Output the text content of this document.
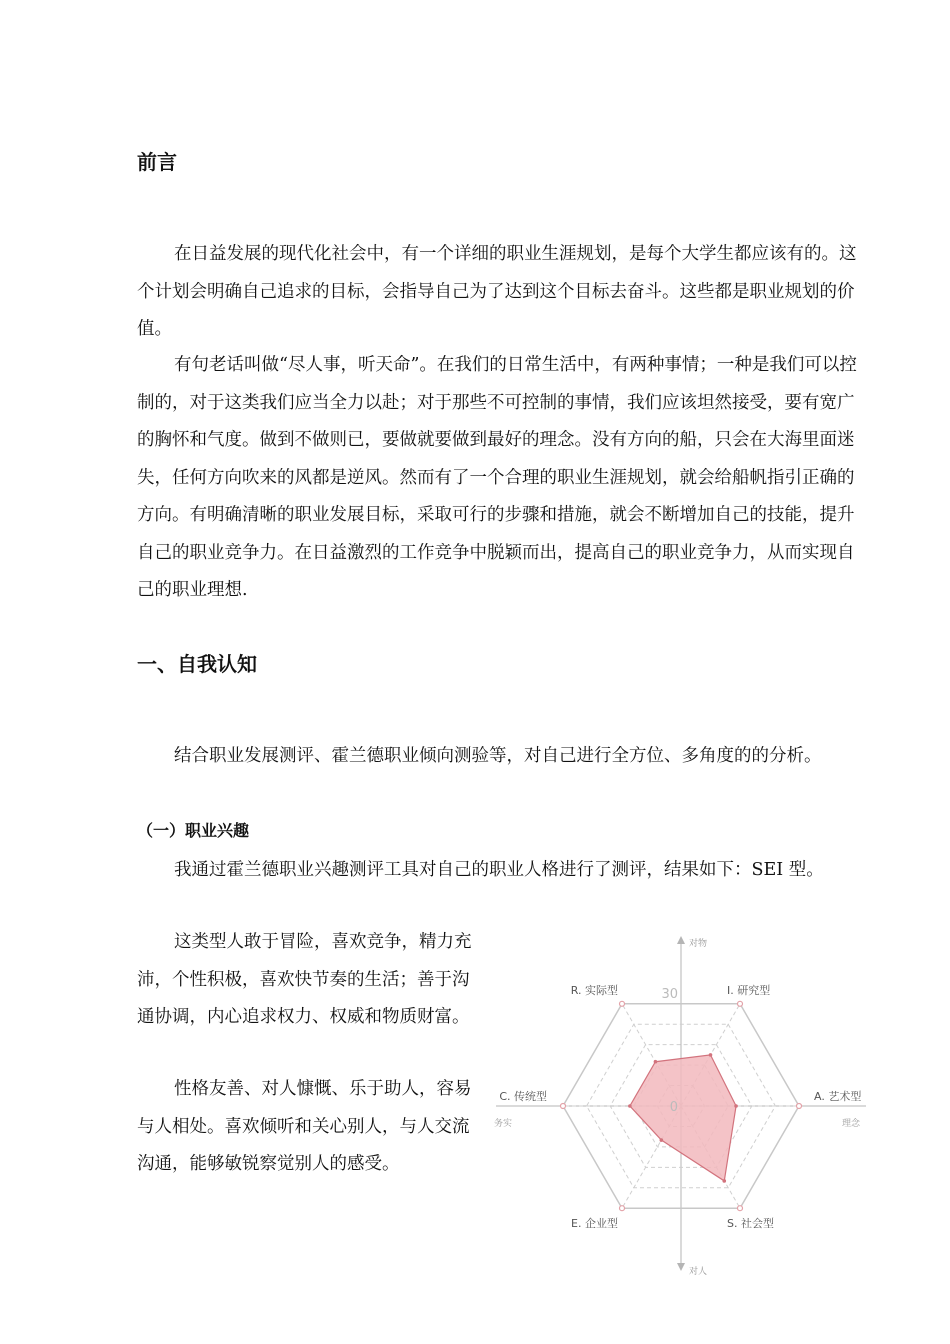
前言

在日益发展的现代化社会中，有一个详细的职业生涯规划，是每个大学生都应该有的。这个计划会明确自己追求的目标，会指导自己为了达到这个目标去奋斗。这些都是职业规划的价值。

有句老话叫做“尽人事，听天命”。在我们的日常生活中，有两种事情；一种是我们可以控制的，对于这类我们应当全力以赴；对于那些不可控制的事情，我们应该坦然接受，要有宽广的胸怀和气度。做到不做则已，要做就要做到最好的理念。没有方向的船，只会在大海里面迷失，任何方向吹来的风都是逆风。然而有了一个合理的职业生涯规划，就会给船帆指引正确的方向。有明确清晰的职业发展目标，采取可行的步骤和措施，就会不断增加自己的技能，提升自己的职业竞争力。在日益激烈的工作竞争中脱颖而出，提高自己的职业竞争力，从而实现自己的职业理想.

一、自我认知

结合职业发展测评、霍兰德职业倾向测验等，对自己进行全方位、多角度的的分析。

（一）职业兴趣

我通过霍兰德职业兴趣测评工具对自己的职业人格进行了测评，结果如下：SEI 型。

这类型人敢于冒险，喜欢竞争，精力充沛，个性积极，喜欢快节奏的生活；善于沟通协调，内心追求权力、权威和物质财富。

性格友善、对人慷慨、乐于助人，容易与人相处。喜欢倾听和关心别人，与人交流沟通，能够敏锐察觉别人的感受。

I. 研究型
A. 艺术型
S. 社会型
E. 企业型
C. 传统型
R. 实际型	30
0
对物
对人
理念
务实
